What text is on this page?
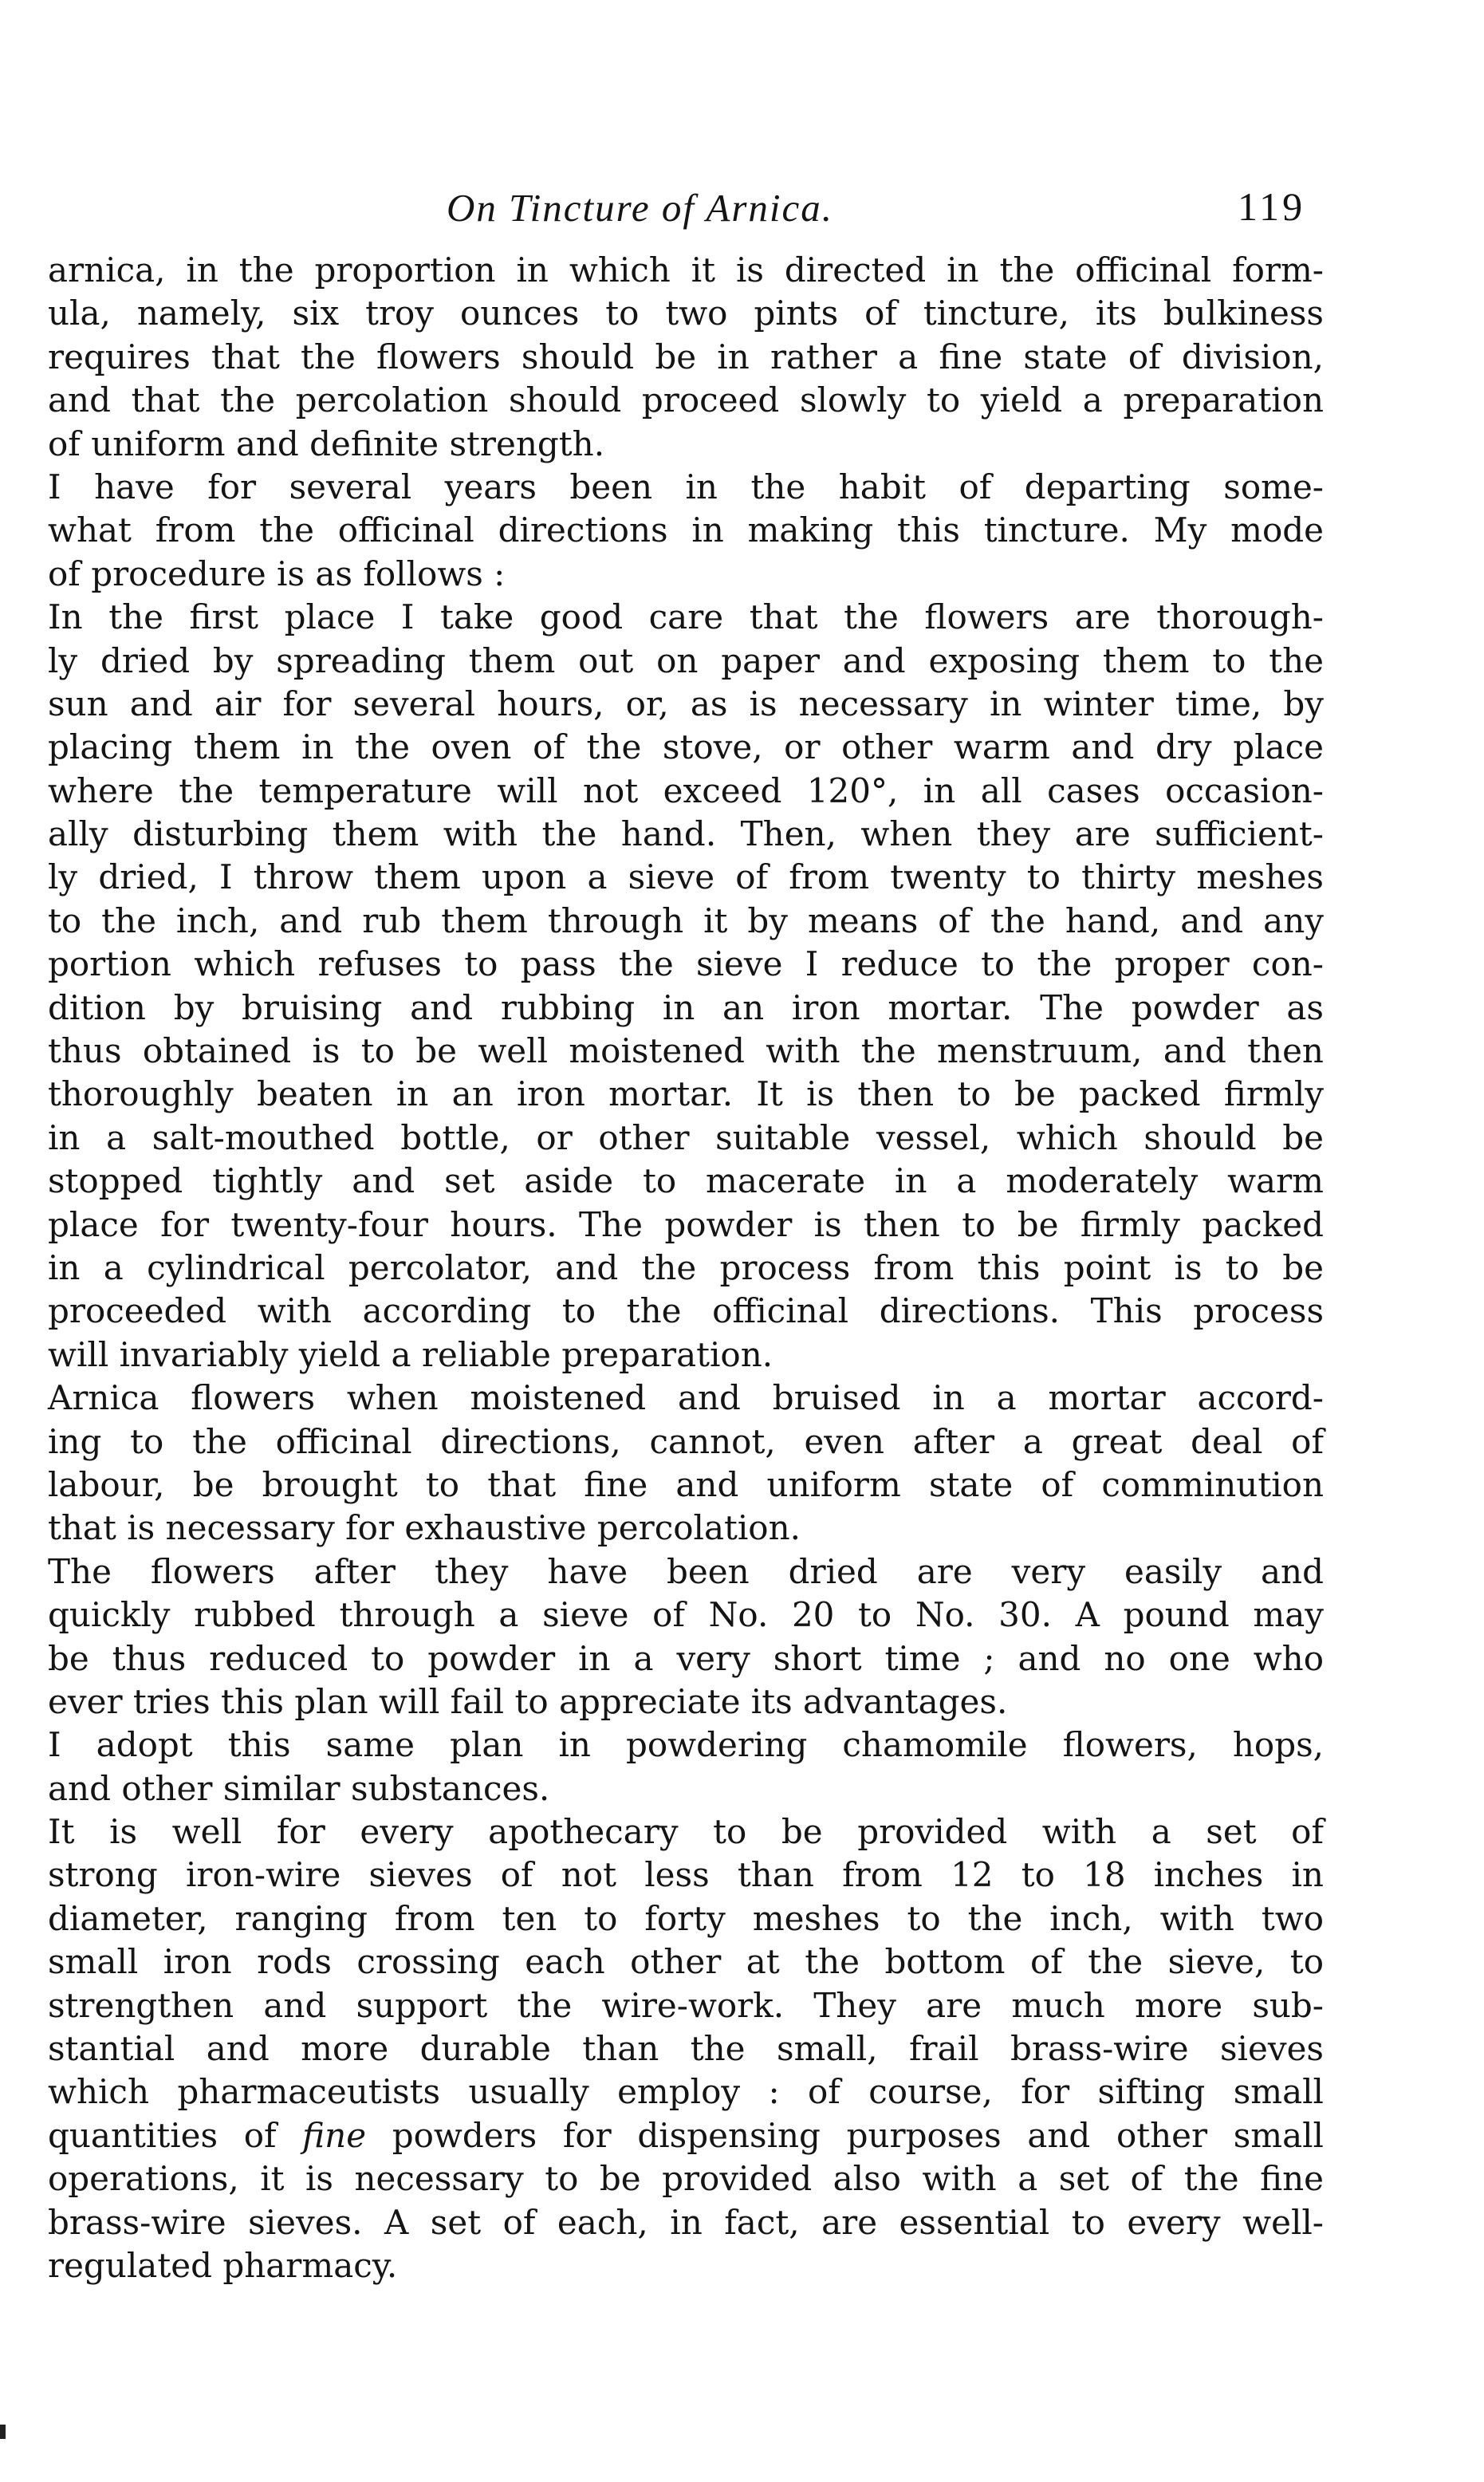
On Tincture of Arnica.	119
arnica, in the proportion in which it is directed in the officinal form-
ula, namely, six troy ounces to two pints of tincture, its bulkiness
requires that the flowers should be in rather a fine state of division,
and that the percolation should proceed slowly to yield a preparation
of uniform and definite strength.
I have for several years been in the habit of departing some-
what from the officinal directions in making this tincture. My mode
of procedure is as follows :
In the first place I take good care that the flowers are thorough-
ly dried by spreading them out on paper and exposing them to the
sun and air for several hours, or, as is necessary in winter time, by
placing them in the oven of the stove, or other warm and dry place
where the temperature will not exceed 120°, in all cases occasion-
ally disturbing them with the hand. Then, when they are sufficient-
ly dried, I throw them upon a sieve of from twenty to thirty meshes
to the inch, and rub them through it by means of the hand, and any
portion which refuses to pass the sieve I reduce to the proper con-
dition by bruising and rubbing in an iron mortar. The powder as
thus obtained is to be well moistened with the menstruum, and then
thoroughly beaten in an iron mortar. It is then to be packed firmly
in a salt-mouthed bottle, or other suitable vessel, which should be
stopped tightly and set aside to macerate in a moderately warm
place for twenty-four hours. The powder is then to be firmly packed
in a cylindrical percolator, and the process from this point is to be
proceeded with according to the officinal directions. This process
will invariably yield a reliable preparation.
Arnica flowers when moistened and bruised in a mortar accord-
ing to the officinal directions, cannot, even after a great deal of
labour, be brought to that fine and uniform state of comminution
that is necessary for exhaustive percolation.
The flowers after they have been dried are very easily and
quickly rubbed through a sieve of No. 20 to No. 30. A pound may
be thus reduced to powder in a very short time ; and no one who
ever tries this plan will fail to appreciate its advantages.
I adopt this same plan in powdering chamomile flowers, hops,
and other similar substances.
It is well for every apothecary to be provided with a set of
strong iron-wire sieves of not less than from 12 to 18 inches in
diameter, ranging from ten to forty meshes to the inch, with two
small iron rods crossing each other at the bottom of the sieve, to
strengthen and support the wire-work. They are much more sub-
stantial and more durable than the small, frail brass-wire sieves
which pharmaceutists usually employ : of course, for sifting small
quantities of fine powders for dispensing purposes and other small
operations, it is necessary to be provided also with a set of the fine
brass-wire sieves. A set of each, in fact, are essential to every well-
regulated pharmacy.
